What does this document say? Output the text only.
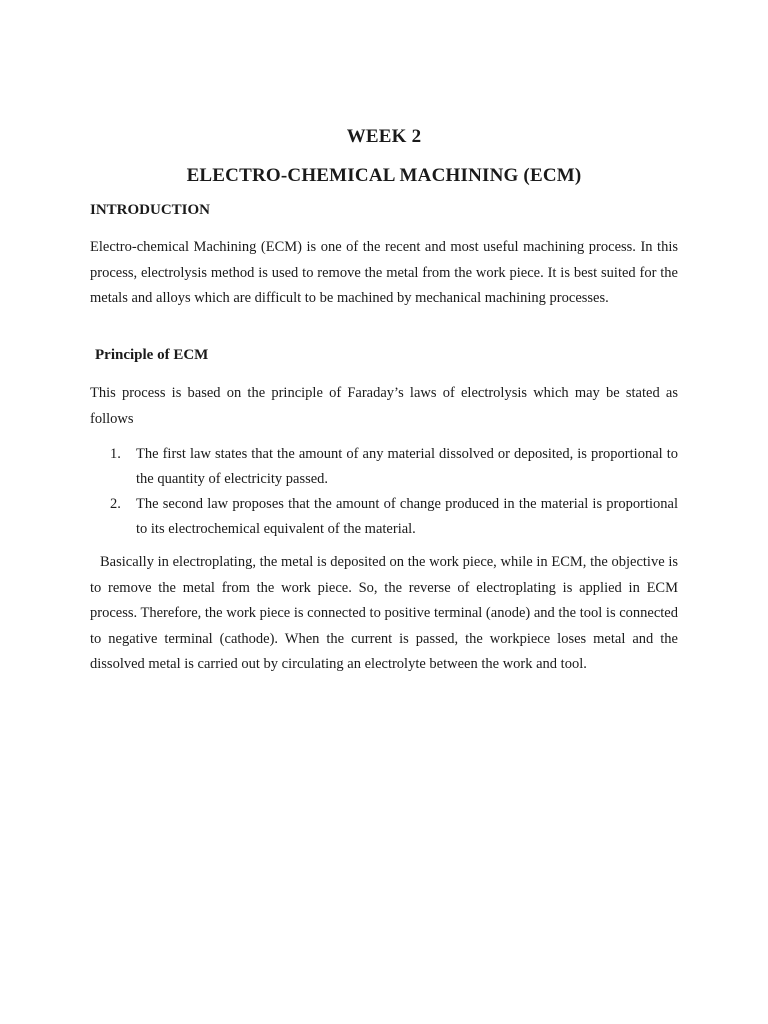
WEEK 2
ELECTRO-CHEMICAL MACHINING (ECM)
INTRODUCTION

Electro-chemical Machining (ECM) is one of the recent and most useful machining process. In this process, electrolysis method is used to remove the metal from the work piece. It is best suited for the metals and alloys which are difficult to be machined by mechanical machining processes.

Principle of ECM

This process is based on the principle of Faraday’s laws of electrolysis which may be stated as follows

1. The first law states that the amount of any material dissolved or deposited, is proportional to the quantity of electricity passed.
2. The second law proposes that the amount of change produced in the material is proportional to its electrochemical equivalent of the material.

Basically in electroplating, the metal is deposited on the work piece, while in ECM, the objective is to remove the metal from the work piece. So, the reverse of electroplating is applied in ECM process. Therefore, the work piece is connected to positive terminal (anode) and the tool is connected to negative terminal (cathode). When the current is passed, the workpiece loses metal and the dissolved metal is carried out by circulating an electrolyte between the work and tool.
